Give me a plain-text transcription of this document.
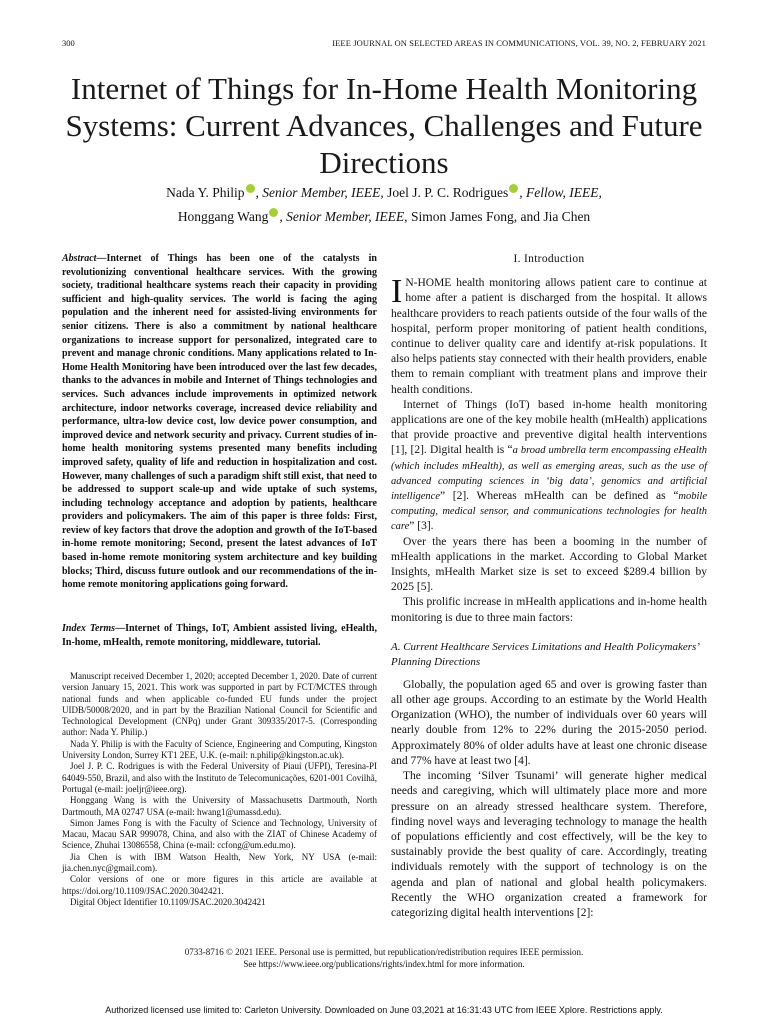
300	IEEE JOURNAL ON SELECTED AREAS IN COMMUNICATIONS, VOL. 39, NO. 2, FEBRUARY 2021
Internet of Things for In-Home Health Monitoring Systems: Current Advances, Challenges and Future Directions
Nada Y. Philip , Senior Member, IEEE, Joel J. P. C. Rodrigues , Fellow, IEEE,
Honggang Wang , Senior Member, IEEE, Simon James Fong, and Jia Chen
Abstract—Internet of Things has been one of the catalysts in revolutionizing conventional healthcare services. With the growing society, traditional healthcare systems reach their capacity in providing sufficient and high-quality services. The world is facing the aging population and the inherent need for assisted-living environments for senior citizens. There is also a commitment by national healthcare organizations to increase support for personalized, integrated care to prevent and manage chronic conditions. Many applications related to In-Home Health Monitoring have been introduced over the last few decades, thanks to the advances in mobile and Internet of Things technologies and services. Such advances include improvements in optimized network architecture, indoor networks coverage, increased device reliability and performance, ultra-low device cost, low device power consumption, and improved device and network security and privacy. Current studies of in-home health monitoring systems presented many benefits including improved safety, quality of life and reduction in hospitalization and cost. However, many challenges of such a paradigm shift still exist, that need to be addressed to support scale-up and wide uptake of such systems, including technology acceptance and adoption by patients, healthcare providers and policymakers. The aim of this paper is three folds: First, review of key factors that drove the adoption and growth of the IoT-based in-home remote monitoring; Second, present the latest advances of IoT based in-home remote monitoring system architecture and key building blocks; Third, discuss future outlook and our recommendations of the in-home remote monitoring applications going forward.
Index Terms—Internet of Things, IoT, Ambient assisted living, eHealth, In-home, mHealth, remote monitoring, middleware, tutorial.

Manuscript received December 1, 2020; accepted December 1, 2020. Date of current version January 15, 2021. This work was supported in part by FCT/MCTES through national funds and when applicable co-funded EU funds under the project UIDB/50008/2020, and in part by the Brazilian National Council for Scientific and Technological Development (CNPq) under Grant 309335/2017-5. (Corresponding author: Nada Y. Philip.)

Nada Y. Philip is with the Faculty of Science, Engineering and Computing, Kingston University London, Surrey KT1 2EE, U.K. (e-mail: n.philip@kingston.ac.uk).

Joel J. P. C. Rodrigues is with the Federal University of Piauí (UFPI), Teresina-PI 64049-550, Brazil, and also with the Instituto de Telecomunicações, 6201-001 Covilhã, Portugal (e-mail: joeljr@ieee.org).

Honggang Wang is with the University of Massachusetts Dartmouth, North Dartmouth, MA 02747 USA (e-mail: hwang1@umassd.edu).

Simon James Fong is with the Faculty of Science and Technology, University of Macau, Macau SAR 999078, China, and also with the ZIAT of Chinese Academy of Science, Zhuhai 13086558, China (e-mail: ccfong@um.edu.mo).

Jia Chen is with IBM Watson Health, New York, NY USA (e-mail: jia.chen.nyc@gmail.com).

Color versions of one or more figures in this article are available at https://doi.org/10.1109/JSAC.2020.3042421.

Digital Object Identifier 10.1109/JSAC.2020.3042421

I. Introduction

I N-HOME health monitoring allows patient care to continue at home after a patient is discharged from the hospital. It allows healthcare providers to reach patients outside of the four walls of the hospital, perform proper monitoring of patient health conditions, continue to deliver quality care and identify at-risk populations. It also helps patients stay connected with their health providers, enable them to remain compliant with treatment plans and improve their health conditions.

Internet of Things (IoT) based in-home health monitoring applications are one of the key mobile health (mHealth) applications that provide proactive and preventive digital health interventions [1], [2]. Digital health is “a broad umbrella term encompassing eHealth (which includes mHealth), as well as emerging areas, such as the use of advanced computing sciences in ‘big data’, genomics and artificial intelligence” [2]. Whereas mHealth can be defined as “mobile computing, medical sensor, and communications technologies for health care” [3].

Over the years there has been a booming in the number of mHealth applications in the market. According to Global Market Insights, mHealth Market size is set to exceed $289.4 billion by 2025 [5].

This prolific increase in mHealth applications and in-home health monitoring is due to three main factors:

A. Current Healthcare Services Limitations and Health Policymakers’ Planning Directions

Globally, the population aged 65 and over is growing faster than all other age groups. According to an estimate by the World Health Organization (WHO), the number of individuals over 60 years will nearly double from 12% to 22% during the 2015-2050 period. Approximately 80% of older adults have at least one chronic disease and 77% have at least two [4].

The incoming ‘Silver Tsunami’ will generate higher medical needs and caregiving, which will ultimately place more and more pressure on an already stressed healthcare system. Therefore, finding novel ways and leveraging technology to manage the health of populations efficiently and cost effectively, will be the key to sustainably provide the best quality of care. Accordingly, treating individuals remotely with the support of technology is on the agenda and plan of national and global health policymakers. Recently the WHO organization created a framework for categorizing digital health interventions [2]:

0733-8716 © 2021 IEEE. Personal use is permitted, but republication/redistribution requires IEEE permission.
See https://www.ieee.org/publications/rights/index.html for more information.
Authorized licensed use limited to: Carleton University. Downloaded on June 03,2021 at 16:31:43 UTC from IEEE Xplore. Restrictions apply.
